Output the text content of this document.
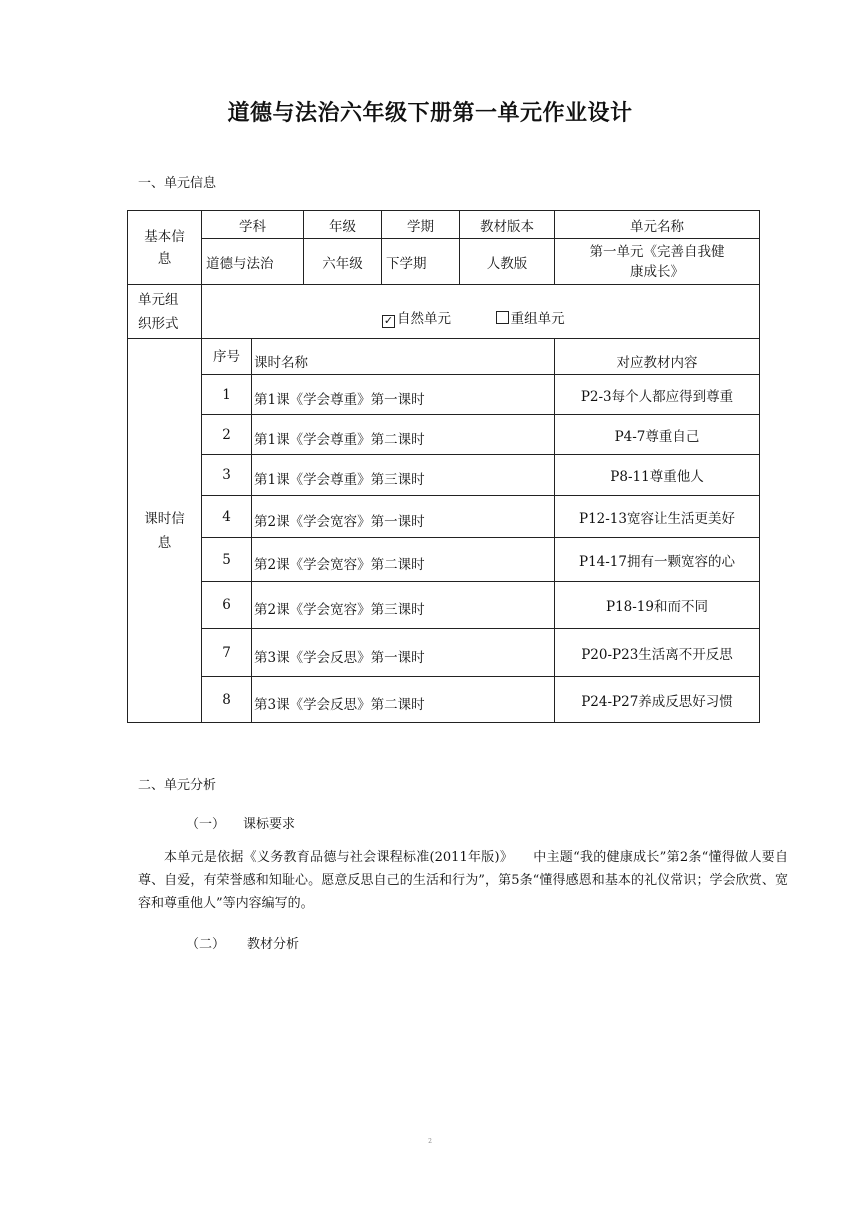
道德与法治六年级下册第一单元作业设计
一、单元信息
基本信息	学科		年级	学期	教材版本	单元名称
	道德与法治		六年级	下学期	人教版	第一单元《完善自我健康成长》
单元组织形式	✓ 自然单元 重组单元					
课时信息	序号	课时名称				对应教材内容
	1	第1课《学会尊重》第一课时				P2-3每个人都应得到尊重
	2	第1课《学会尊重》第二课时				P4-7尊重自己
	3	第1课《学会尊重》第三课时				P8-11尊重他人
	4	第2课《学会宽容》第一课时				P12-13宽容让生活更美好
	5	第2课《学会宽容》第二课时				P14-17拥有一颗宽容的心
	6	第2课《学会宽容》第三课时				P18-19和而不同
	7	第3课《学会反思》第一课时				P20-P23生活离不开反思
	8	第3课《学会反思》第二课时				P24-P27养成反思好习惯
二、单元分析
（一） 课标要求

本单元是依据《义务教育品德与社会课程标准(2011年版)》　　中主题“我的健康成长”第2条“懂得做人要自尊、自爱，有荣誉感和知耻心。愿意反思自己的生活和行为”，第5条“懂得感恩和基本的礼仪常识；学会欣赏、宽容和尊重他人”等内容编写的。

（二） 教材分析
2
